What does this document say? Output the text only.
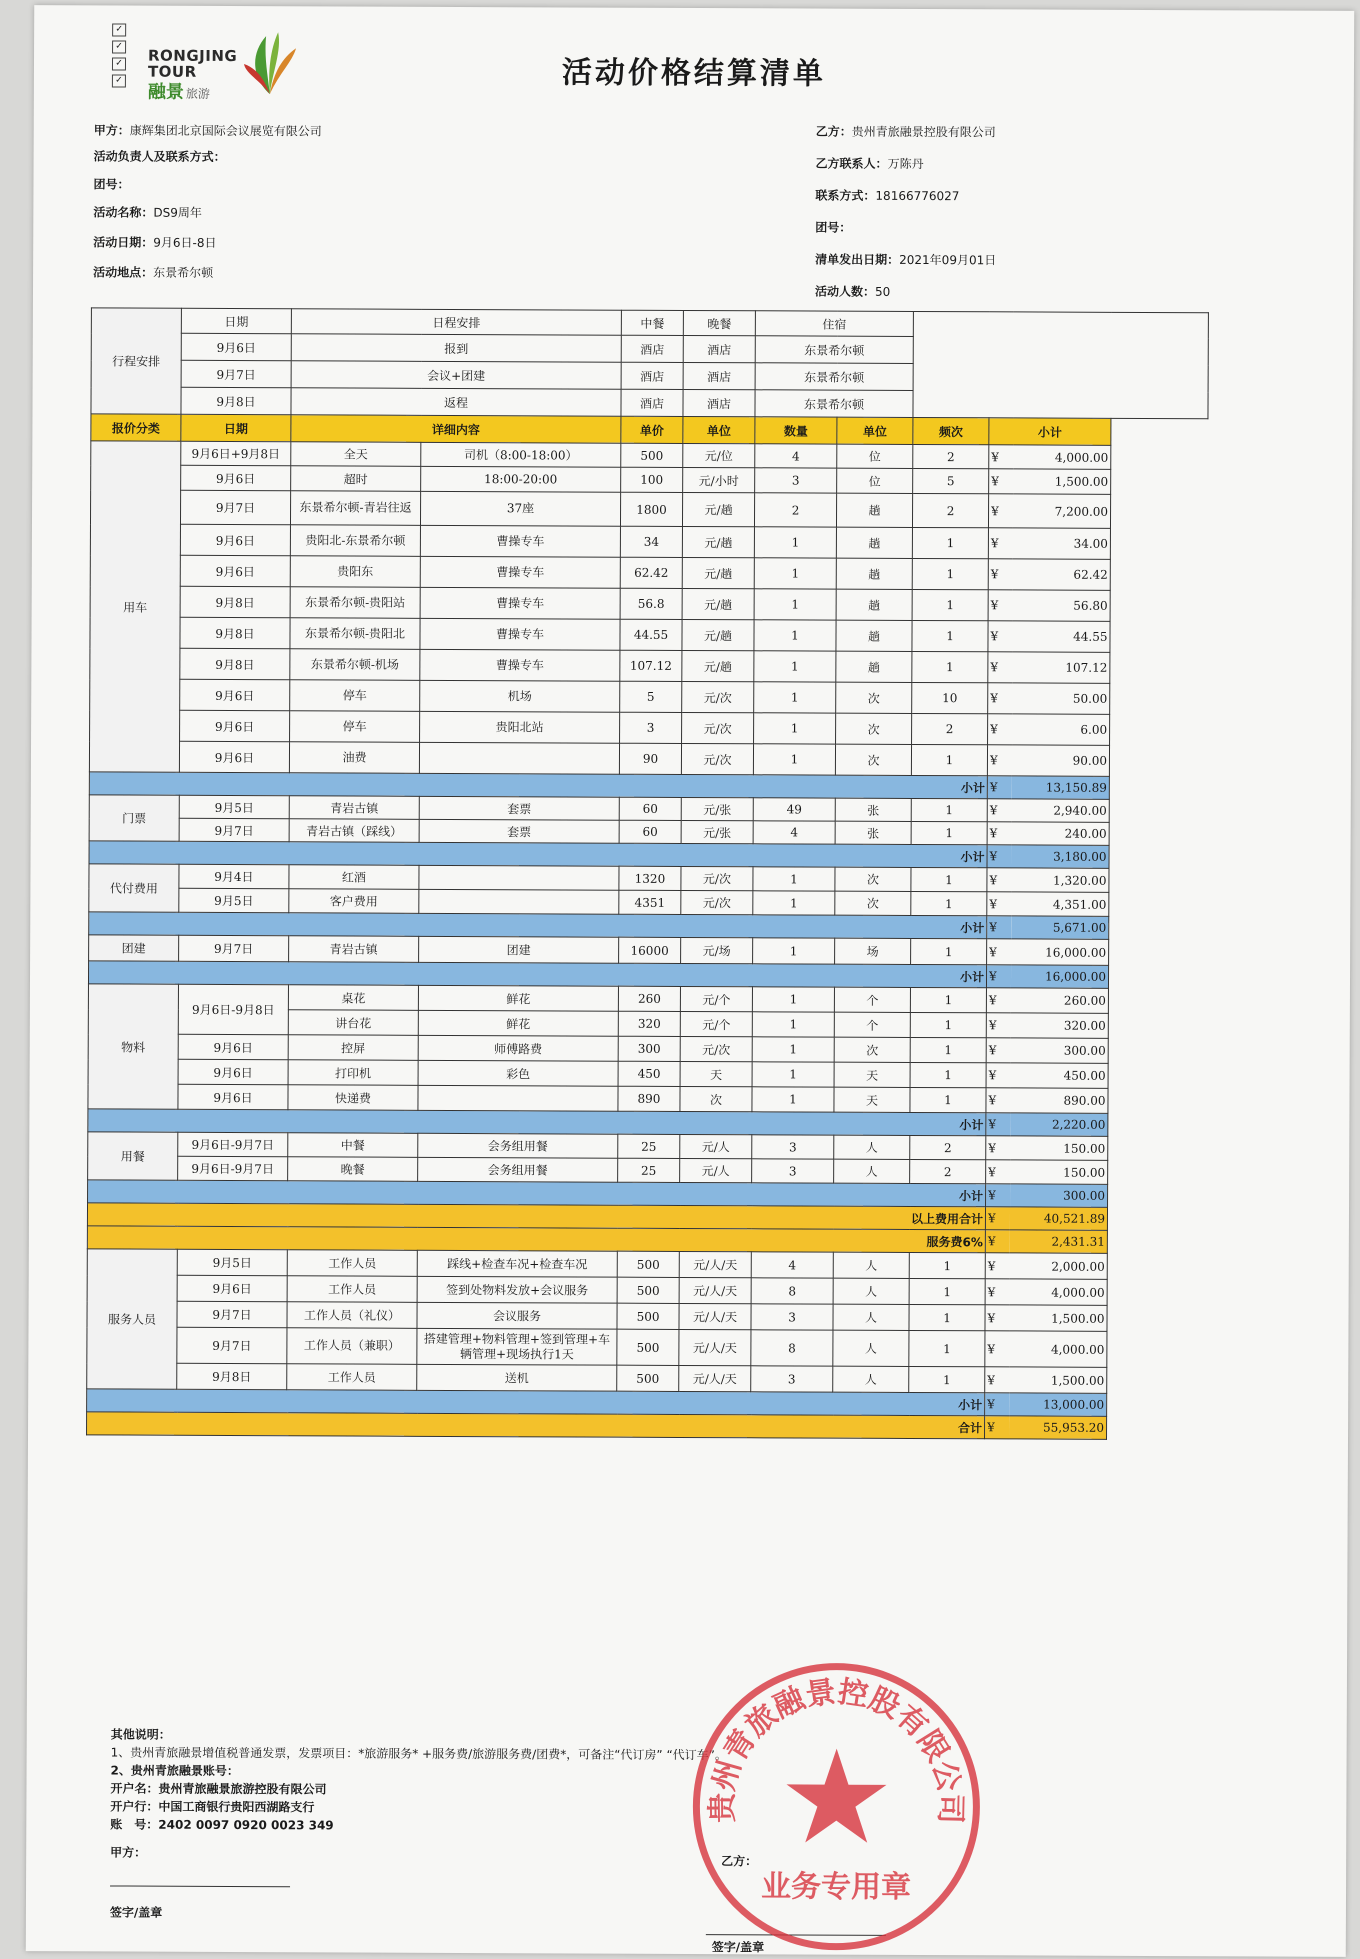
✓
✓
✓
✓
RONGJING
TOUR
融景 旅游
活动价格结算清单
甲方：康辉集团北京国际会议展览有限公司
活动负责人及联系方式：
团号：
活动名称：DS9周年
活动日期：9月6日-8日
活动地点：东景希尔顿
乙方：贵州青旅融景控股有限公司
乙方联系人：万陈丹
联系方式：18166776027
团号：
清单发出日期：2021年09月01日
活动人数：50
行程安排	日期	日程安排		中餐	晚餐	住宿				
	9月6日	报到		酒店	酒店	东景希尔顿				
	9月7日	会议+团建		酒店	酒店	东景希尔顿				
	9月8日	返程		酒店	酒店	东景希尔顿				
报价分类	日期	详细内容		单价	单位	数量	单位	频次	小计	
用车	9月6日+9月8日	全天	司机（8:00-18:00）	500	元/位	4	位	2	¥	4,000.00
	9月6日	超时	18:00-20:00	100	元/小时	3	位	5	¥	1,500.00
	9月7日	东景希尔顿-青岩往返	37座	1800	元/趟	2	趟	2	¥	7,200.00
	9月6日	贵阳北-东景希尔顿	曹操专车	34	元/趟	1	趟	1	¥	34.00
	9月6日	贵阳东	曹操专车	62.42	元/趟	1	趟	1	¥	62.42
	9月8日	东景希尔顿-贵阳站	曹操专车	56.8	元/趟	1	趟	1	¥	56.80
	9月8日	东景希尔顿-贵阳北	曹操专车	44.55	元/趟	1	趟	1	¥	44.55
	9月8日	东景希尔顿-机场	曹操专车	107.12	元/趟	1	趟	1	¥	107.12
	9月6日	停车	机场	5	元/次	1	次	10	¥	50.00
	9月6日	停车	贵阳北站	3	元/次	1	次	2	¥	6.00
	9月6日	油费		90	元/次	1	次	1	¥	90.00
小计									¥	13,150.89
门票	9月5日	青岩古镇	套票	60	元/张	49	张	1	¥	2,940.00
	9月7日	青岩古镇（踩线）	套票	60	元/张	4	张	1	¥	240.00
小计									¥	3,180.00
代付费用	9月4日	红酒		1320	元/次	1	次	1	¥	1,320.00
	9月5日	客户费用		4351	元/次	1	次	1	¥	4,351.00
小计									¥	5,671.00
团建	9月7日	青岩古镇	团建	16000	元/场	1	场	1	¥	16,000.00
小计									¥	16,000.00
物料	9月6日-9月8日	桌花	鲜花	260	元/个	1	个	1	¥	260.00
		讲台花	鲜花	320	元/个	1	个	1	¥	320.00
	9月6日	控屏	师傅路费	300	元/次	1	次	1	¥	300.00
	9月6日	打印机	彩色	450	天	1	天	1	¥	450.00
	9月6日	快递费		890	次	1	天	1	¥	890.00
小计									¥	2,220.00
用餐	9月6日-9月7日	中餐	会务组用餐	25	元/人	3	人	2	¥	150.00
	9月6日-9月7日	晚餐	会务组用餐	25	元/人	3	人	2	¥	150.00
小计									¥	300.00
以上费用合计									¥	40,521.89
服务费6%									¥	2,431.31
服务人员	9月5日	工作人员	踩线+检查车况+检查车况	500	元/人/天	4	人	1	¥	2,000.00
	9月6日	工作人员	签到处物料发放+会议服务	500	元/人/天	8	人	1	¥	4,000.00
	9月7日	工作人员（礼仪）	会议服务	500	元/人/天	3	人	1	¥	1,500.00
	9月7日	工作人员（兼职）	搭建管理+物料管理+签到管理+车辆管理+现场执行1天	500	元/人/天	8	人	1	¥	4,000.00
	9月8日	工作人员	送机	500	元/人/天	3	人	1	¥	1,500.00
小计									¥	13,000.00
合计									¥	55,953.20
其他说明：
1、贵州青旅融景增值税普通发票，发票项目：*旅游服务* +服务费/旅游服务费/团费*，可备注“代订房” “代订车”。
2、贵州青旅融景账号：
开户名：贵州青旅融景旅游控股有限公司
开户行：中国工商银行贵阳西湖路支行
账　号：2402 0097 0920 0023 349
甲方：
乙方：
签字/盖章
签字/盖章
贵州青旅融景控股有限公司
业务专用章
